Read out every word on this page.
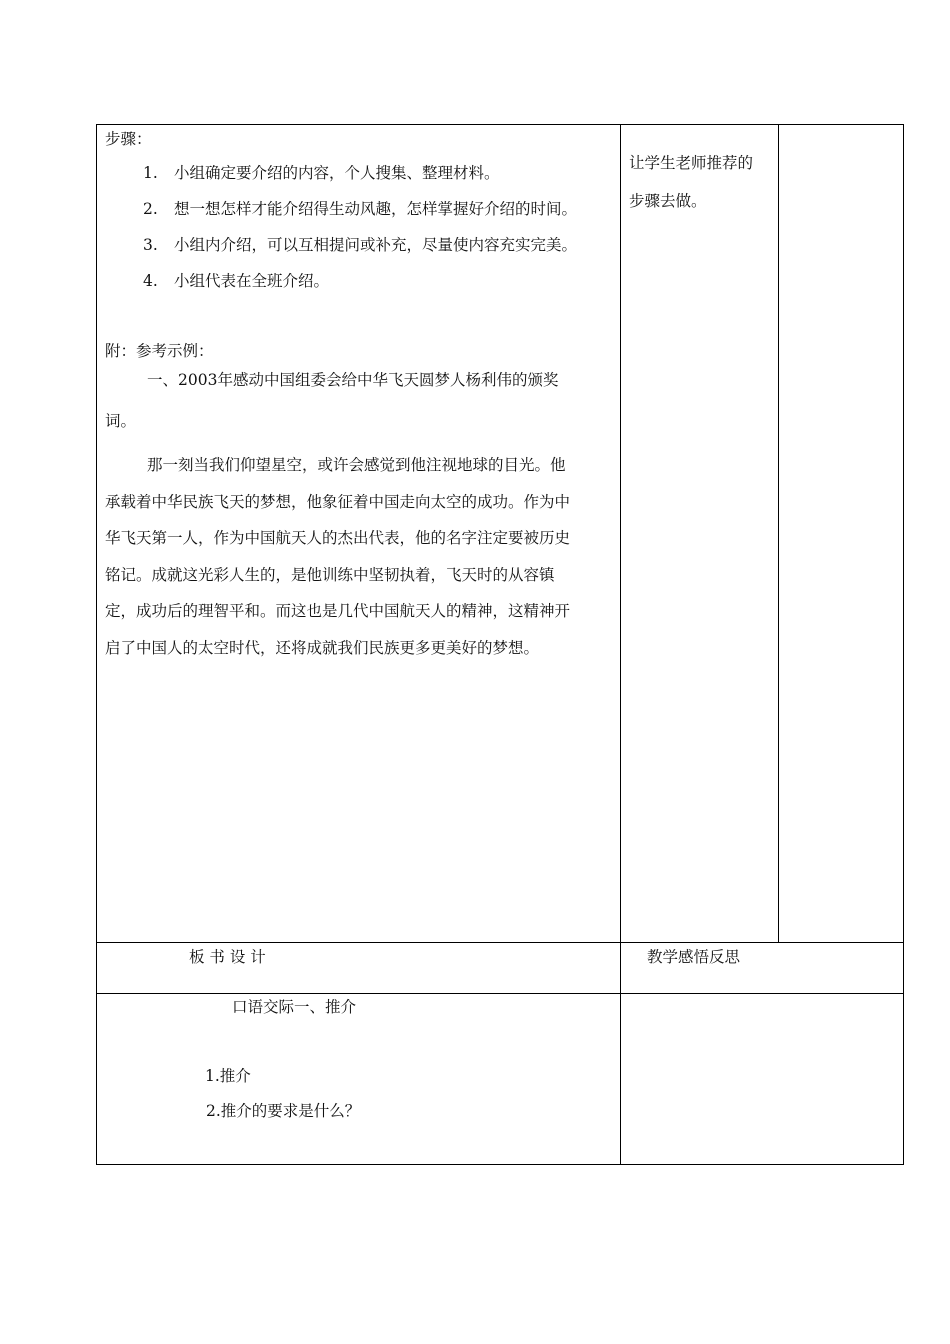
步骤：
1. 小组确定要介绍的内容，个人搜集、整理材料。
2. 想一想怎样才能介绍得生动风趣，怎样掌握好介绍的时间。
3. 小组内介绍，可以互相提问或补充，尽量使内容充实完美。
4. 小组代表在全班介绍。
附：参考示例：
一、2003年感动中国组委会给中华飞天圆梦人杨利伟的颁奖
词。
那一刻当我们仰望星空，或许会感觉到他注视地球的目光。他
承载着中华民族飞天的梦想，他象征着中国走向太空的成功。作为中
华飞天第一人，作为中国航天人的杰出代表，他的名字注定要被历史
铭记。成就这光彩人生的，是他训练中坚韧执着，飞天时的从容镇
定，成功后的理智平和。而这也是几代中国航天人的精神，这精神开
启了中国人的太空时代，还将成就我们民族更多更美好的梦想。
让学生老师推荐的
步骤去做。
板 书 设 计	教学感悟反思
口语交际一、推介
1.推介
2.推介的要求是什么？
